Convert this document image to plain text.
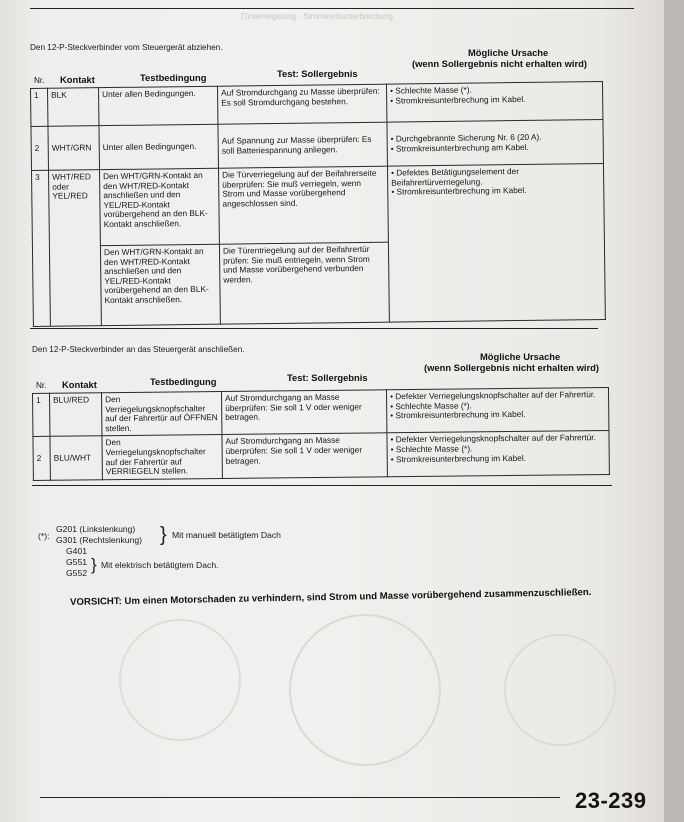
Türverriegelung - Stromkreisunterbrechung
Den 12-P-Steckverbinder vom Steuergerät abziehen.	Mögliche Ursache
(wenn Sollergebnis nicht erhalten wird)
Nr. Kontakt	Testbedingung	Test: Sollergebnis
1	BLK	Unter allen Bedingungen.	Auf Stromdurchgang zu Masse überprüfen: Es soll Stromdurchgang bestehen.	• Schlechte Masse (*).
• Stromkreisunterbrechung im Kabel.
2	WHT/GRN	Unter allen Bedingungen.	Auf Spannung zur Masse überprüfen: Es soll Batteriespannung anliegen.	• Durchgebrannte Sicherung Nr. 6 (20 A).
• Stromkreisunterbrechung am Kabel.
3	WHT/RED
oder
YEL/RED	Den WHT/GRN-Kontakt an den WHT/RED-Kontakt anschließen und den YEL/RED-Kontakt vorübergehend an den BLK-Kontakt anschließen.	Die Türverriegelung auf der Beifahrerseite überprüfen: Sie muß verriegeln, wenn Strom und Masse vorübergehend angeschlossen sind.	• Defektes Betätigungselement der Beifahrertürverriegelung.
• Stromkreisunterbrechung im Kabel.
		Den WHT/GRN-Kontakt an den WHT/RED-Kontakt anschließen und den YEL/RED-Kontakt vorübergehend an den BLK-Kontakt anschließen.	Die Türentriegelung auf der Beifahrertür prüfen: Sie muß entriegeln, wenn Strom und Masse vorübergehend verbunden werden.	
Den 12-P-Steckverbinder an das Steuergerät anschließen.
Mögliche Ursache
(wenn Sollergebnis nicht erhalten wird)
Test: Sollergebnis
Testbedingung
Nr. Kontakt
1	BLU/RED	Den Verriegelungsknopfschalter auf der Fahrertür auf ÖFFNEN stellen.	Auf Stromdurchgang an Masse überprüfen: Sie soll 1 V oder weniger betragen.	• Defekter Verriegelungsknopfschalter auf der Fahrertür.
• Schlechte Masse (*).
• Stromkreisunterbrechung im Kabel.
2	BLU/WHT	Den Verriegelungsknopfschalter auf der Fahrertür auf VERRIEGELN stellen.	Auf Stromdurchgang an Masse überprüfen: Sie soll 1 V oder weniger betragen.	• Defekter Verriegelungsknopfschalter auf der Fahrertür.
• Schlechte Masse (*).
• Stromkreisunterbrechung im Kabel.
(*):
G201 (Linkslenkung)
G301 (Rechtslenkung) } Mit manuell betätigtem Dach
G401
G551
G552 } Mit elektrisch betätigtem Dach.
VORSICHT: Um einen Motorschaden zu verhindern, sind Strom und Masse vorübergehend zusammenzuschließen.
23-239
